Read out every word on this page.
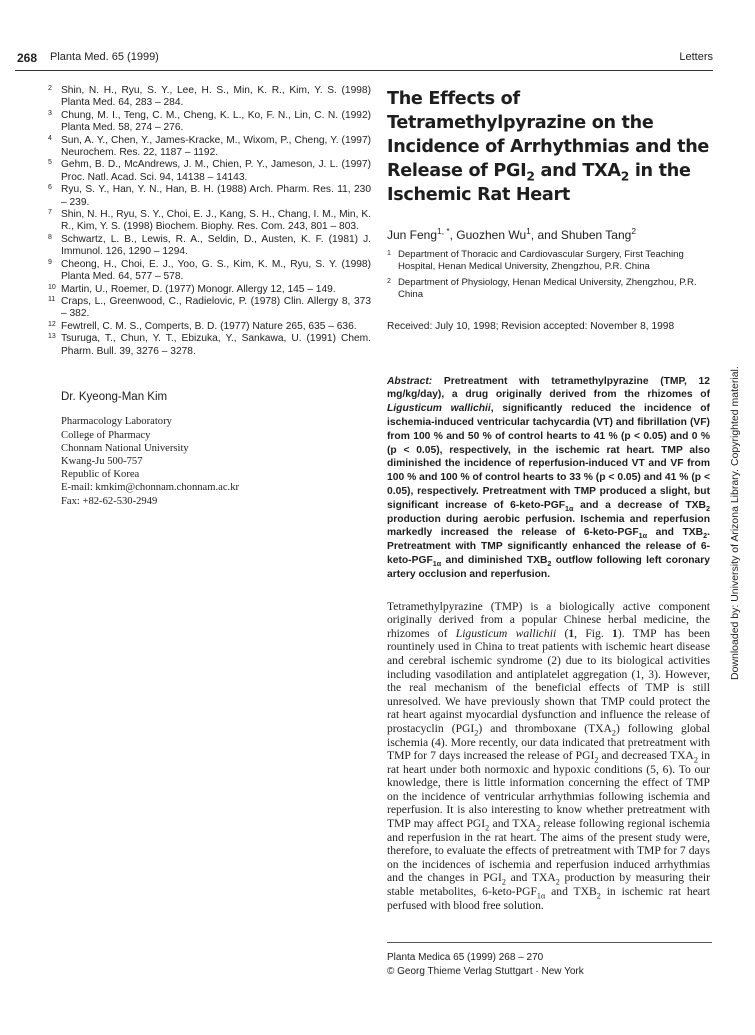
268 Planta Med. 65 (1999)	Letters
2 Shin, N. H., Ryu, S. Y., Lee, H. S., Min, K. R., Kim, Y. S. (1998) Planta Med. 64, 283 – 284.
3 Chung, M. I., Teng, C. M., Cheng, K. L., Ko, F. N., Lin, C. N. (1992) Planta Med. 58, 274 – 276.
4 Sun, A. Y., Chen, Y., James-Kracke, M., Wixom, P., Cheng, Y. (1997) Neurochem. Res. 22, 1187 – 1192.
5 Gehm, B. D., McAndrews, J. M., Chien, P. Y., Jameson, J. L. (1997) Proc. Natl. Acad. Sci. 94, 14138 – 14143.
6 Ryu, S. Y., Han, Y. N., Han, B. H. (1988) Arch. Pharm. Res. 11, 230 – 239.
7 Shin, N. H., Ryu, S. Y., Choi, E. J., Kang, S. H., Chang, I. M., Min, K. R., Kim, Y. S. (1998) Biochem. Biophy. Res. Com. 243, 801 – 803.
8 Schwartz, L. B., Lewis, R. A., Seldin, D., Austen, K. F. (1981) J. Immunol. 126, 1290 – 1294.
9 Cheong, H., Choi, E. J., Yoo, G. S., Kim, K. M., Ryu, S. Y. (1998) Planta Med. 64, 577 – 578.
10 Martin, U., Roemer, D. (1977) Monogr. Allergy 12, 145 – 149.
11 Craps, L., Greenwood, C., Radielovic, P. (1978) Clin. Allergy 8, 373 – 382.
12 Fewtrell, C. M. S., Comperts, B. D. (1977) Nature 265, 635 – 636.
13 Tsuruga, T., Chun, Y. T., Ebizuka, Y., Sankawa, U. (1991) Chem. Pharm. Bull. 39, 3276 – 3278.
Dr. Kyeong-Man Kim
Pharmacology Laboratory
College of Pharmacy
Chonnam National University
Kwang-Ju 500-757
Republic of Korea
E-mail: kmkim@chonnam.chonnam.ac.kr
Fax: +82-62-530-2949
The Effects of Tetramethylpyrazine on the Incidence of Arrhythmias and the Release of $PGI_2$ and $TXA_2$ in the Ischemic Rat Heart
Jun Feng$^{1, *}$, Guozhen Wu$^1$, and Shuben Tang$^2$
1 Department of Thoracic and Cardiovascular Surgery, First Teaching Hospital, Henan Medical University, Zhengzhou, P.R. China
2 Department of Physiology, Henan Medical University, Zhengzhou, P.R. China
Received: July 10, 1998; Revision accepted: November 8, 1998
Abstract: Pretreatment with tetramethylpyrazine (TMP, 12 mg/kg/day), a drug originally derived from the rhizomes of Ligusticum wallichii, significantly reduced the incidence of ischemia-induced ventricular tachycardia (VT) and fibrillation (VF) from 100 % and 50 % of control hearts to 41 % (p < 0.05) and 0 % (p < 0.05), respectively, in the ischemic rat heart. TMP also diminished the incidence of reperfusion-induced VT and VF from 100 % and 100 % of control hearts to 33 % (p < 0.05) and 41 % (p < 0.05), respectively. Pretreatment with TMP produced a slight, but significant increase of $6-keto-PGF_{1\alpha}$ and a decrease of $TXB_2$ production during aerobic perfusion. Ischemia and reperfusion markedly increased the release of $6-keto-PGF_{1\alpha}$ and $TXB_2$. Pretreatment with TMP significantly enhanced the release of $6-keto-PGF_{1\alpha}$ and diminished $TXB_2$ outflow following left coronary artery occlusion and reperfusion.
Tetramethylpyrazine (TMP) is a biologically active component originally derived from a popular Chinese herbal medicine, the rhizomes of Ligusticum wallichii (1, Fig. 1). TMP has been rountinely used in China to treat patients with ischemic heart disease and cerebral ischemic syndrome (2) due to its biological activities including vasodilation and antiplatelet aggregation (1, 3). However, the real mechanism of the beneficial effects of TMP is still unresolved. We have previously shown that TMP could protect the rat heart against myocardial dysfunction and influence the release of prostacyclin $(PGI_2)$ and thromboxane $(TXA_2)$ following global ischemia (4). More recently, our data indicated that pretreatment with TMP for 7 days increased the release of $PGI_2$ and decreased $TXA_2$ in rat heart under both normoxic and hypoxic conditions (5, 6). To our knowledge, there is little information concerning the effect of TMP on the incidence of ventricular arrhythmias following ischemia and reperfusion. It is also interesting to know whether pretreatment with TMP may affect $PGI_2$ and $TXA_2$ release following regional ischemia and reperfusion in the rat heart. The aims of the present study were, therefore, to evaluate the effects of pretreatment with TMP for 7 days on the incidences of ischemia and reperfusion induced arrhythmias and the changes in $PGI_2$ and $TXA_2$ production by measuring their stable metabolites, $6-keto-PGF_{1\alpha}$ and $TXB_2$ in ischemic rat heart perfused with blood free solution.
Planta Medica 65 (1999) 268 – 270
© Georg Thieme Verlag Stuttgart · New York
Downloaded by: University of Arizona Library. Copyrighted material.
